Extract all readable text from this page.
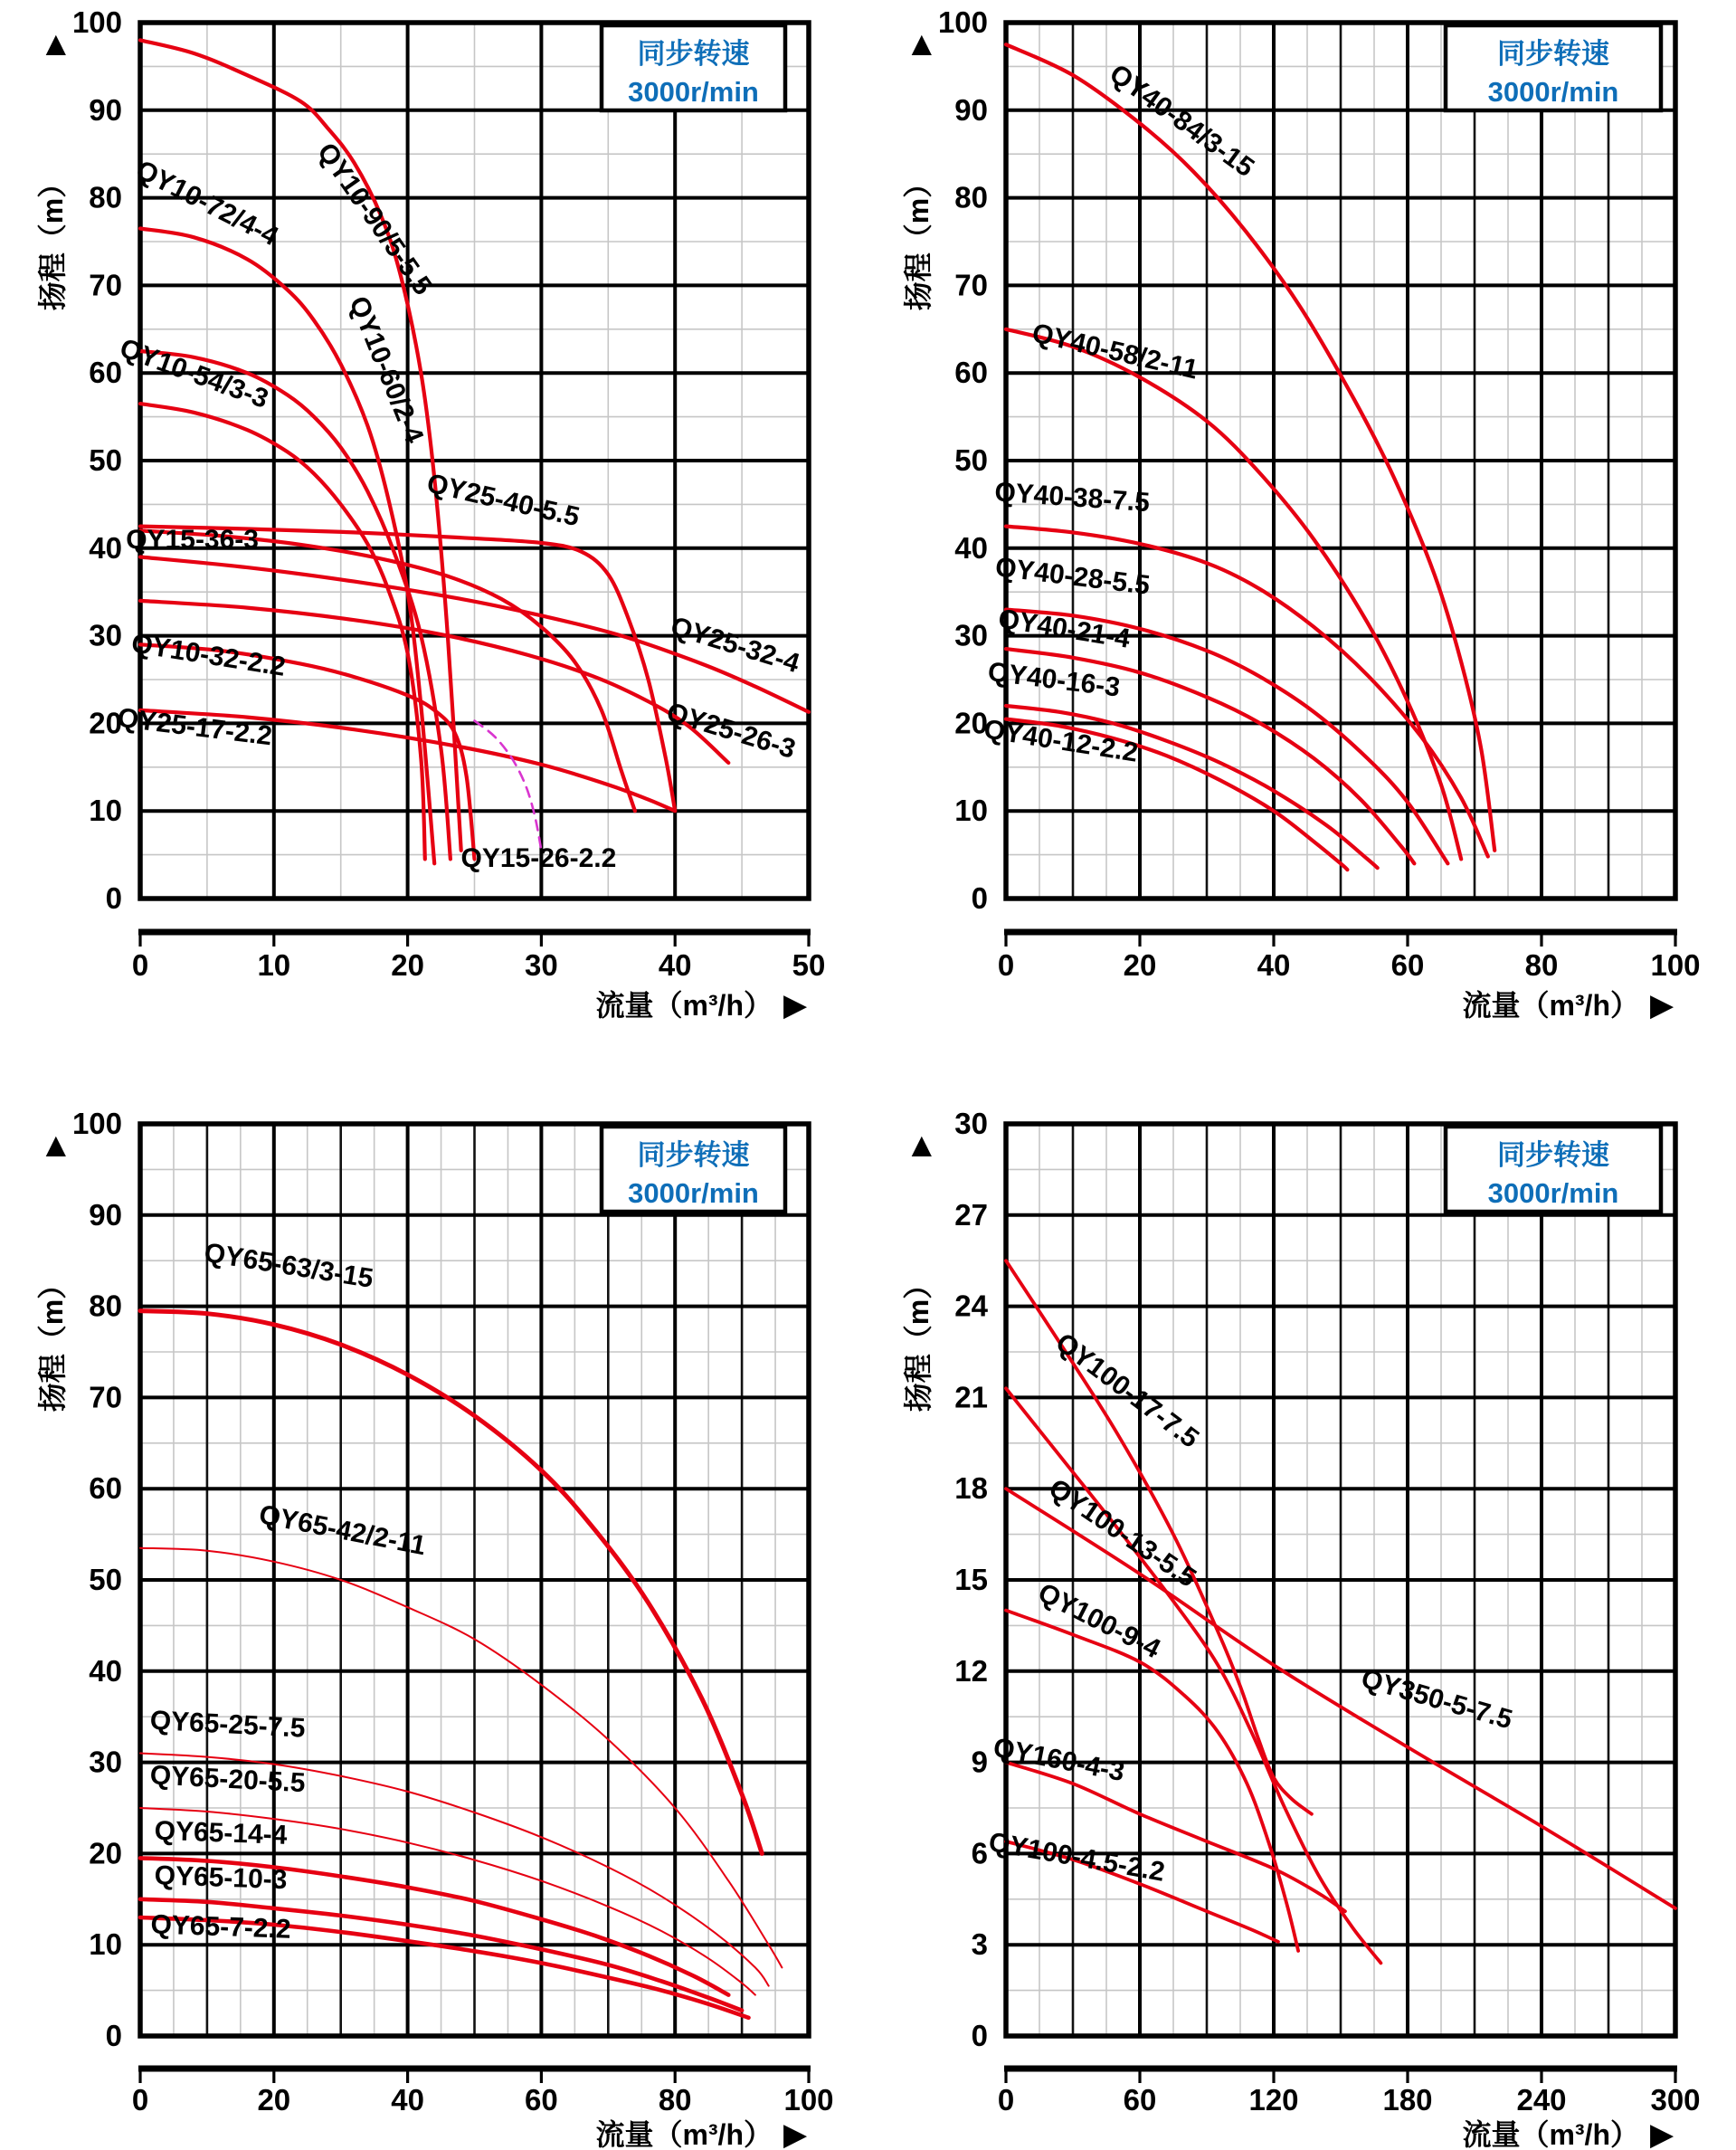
QY10-90/5-5.5
QY10-72/4-4
QY10-60/2-4
QY10-54/3-3
QY25-40-5.5
QY15-36-3
QY25-32-4
QY25-26-3
QY10-32-2.2
QY25-17-2.2
QY15-26-2.2
同步转速
3000r/min
0
10
20
30
40
50
60
70
80
90
100
▲
扬程（m）
0	10	20	30	40	50
流量（m³/h） ▶
QY40-84/3-15
QY40-58/2-11
QY40-38-7.5
QY40-28-5.5
QY40-21-4
QY40-16-3
QY40-12-2.2
同步转速
3000r/min
0
10
20
30
40
50
60
70
80
90
100
▲
扬程（m）
0	20	40	60	80	100
流量（m³/h） ▶
QY65-63/3-15
QY65-42/2-11
QY65-25-7.5
QY65-20-5.5
QY65-14-4
QY65-10-3
QY65-7-2.2
同步转速
3000r/min
0
10
20
30
40
50
60
70
80
90
100
▲
扬程（m）
0	20	40	60	80	100
流量（m³/h） ▶
QY100-17-7.5
QY100-13-5.5
QY100-9-4
QY350-5-7.5
QY160-4-3
QY100-4.5-2.2
同步转速
3000r/min
0
3
6
9
12
15
18
21
24
27
30
▲
扬程（m）
0	60	120	180	240	300
流量（m³/h） ▶
